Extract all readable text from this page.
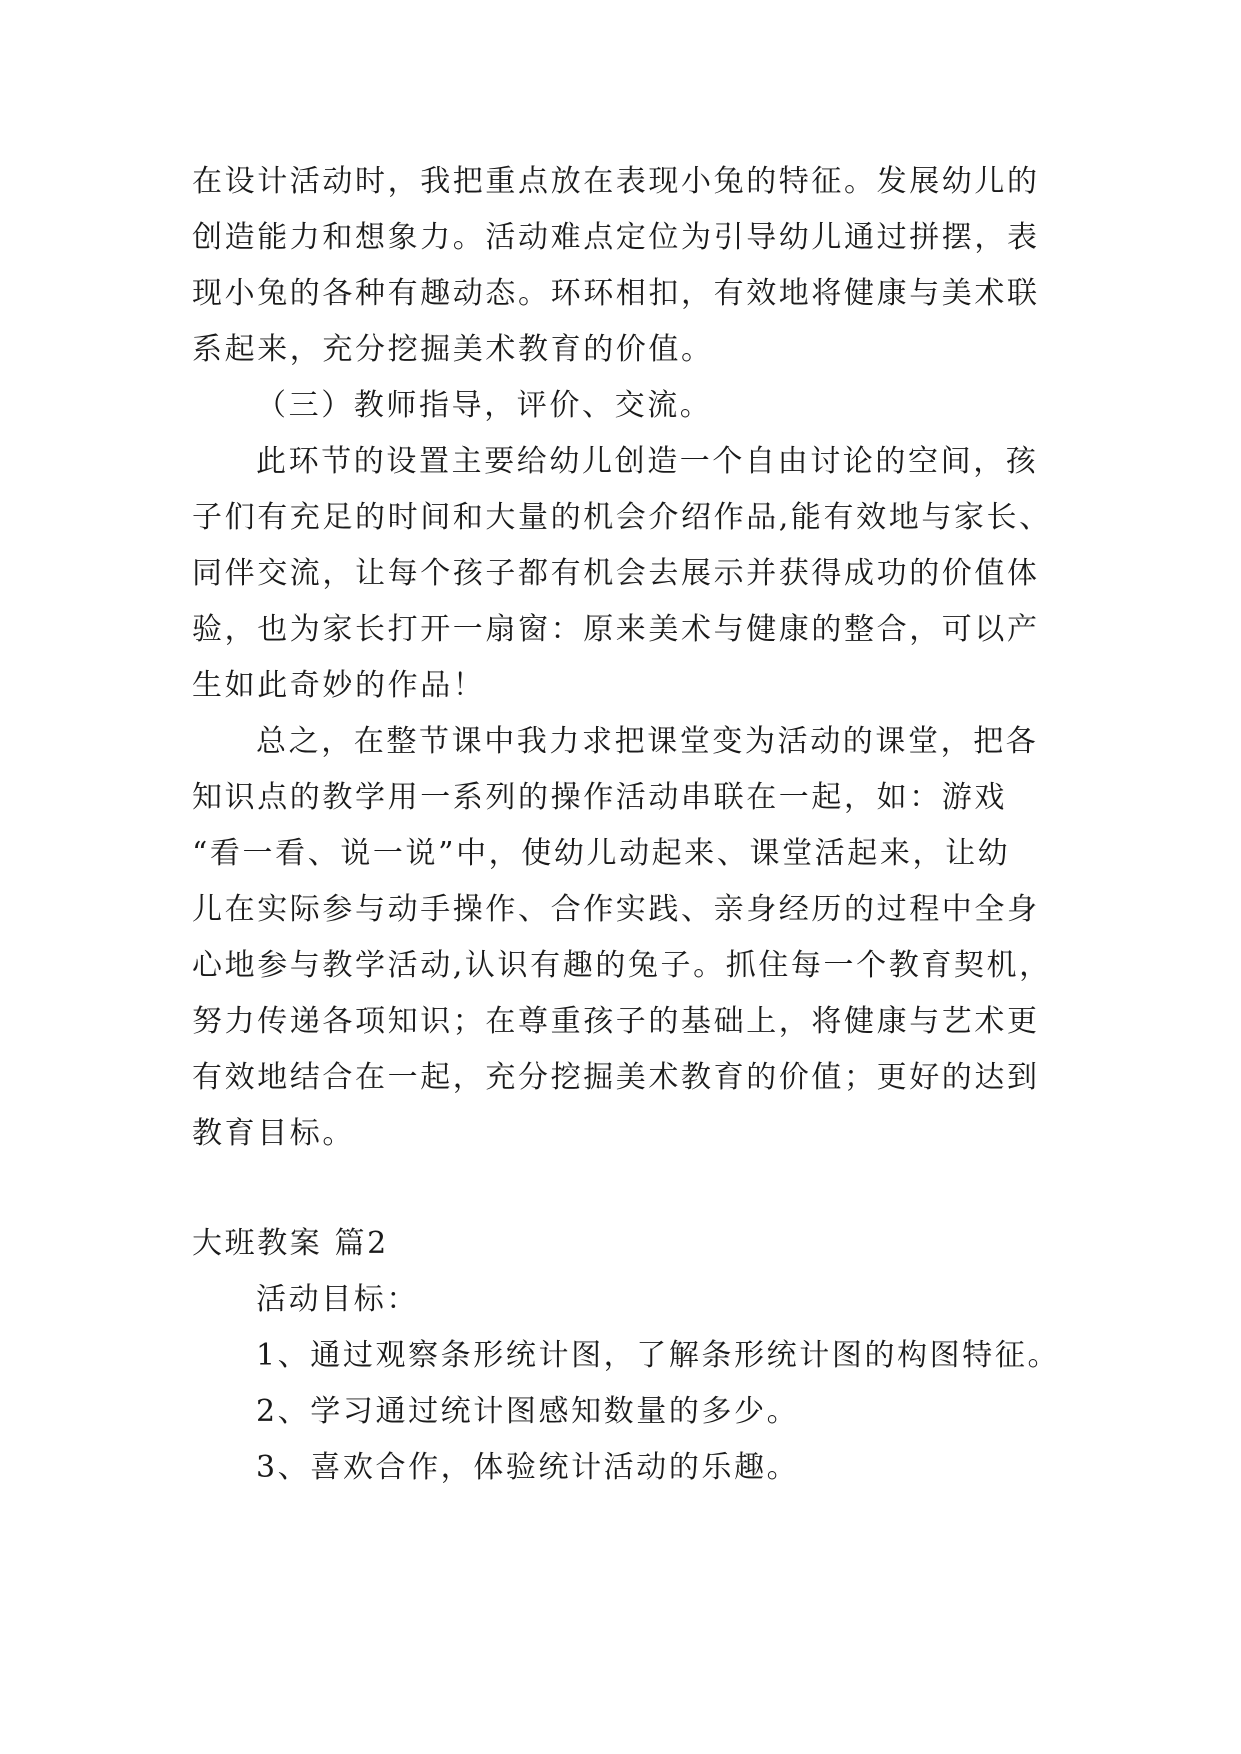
在设计活动时，我把重点放在表现小兔的特征。发展幼儿的
创造能力和想象力。活动难点定位为引导幼儿通过拼摆，表
现小兔的各种有趣动态。环环相扣，有效地将健康与美术联
系起来，充分挖掘美术教育的价值。
（三）教师指导，评价、交流。
此环节的设置主要给幼儿创造一个自由讨论的空间，孩
子们有充足的时间和大量的机会介绍作品,能有效地与家长、
同伴交流，让每个孩子都有机会去展示并获得成功的价值体
验，也为家长打开一扇窗：原来美术与健康的整合，可以产
生如此奇妙的作品！
总之，在整节课中我力求把课堂变为活动的课堂，把各
知识点的教学用一系列的操作活动串联在一起，如：游戏
“看一看、说一说”中，使幼儿动起来、课堂活起来，让幼
儿在实际参与动手操作、合作实践、亲身经历的过程中全身
心地参与教学活动,认识有趣的兔子。抓住每一个教育契机，
努力传递各项知识；在尊重孩子的基础上，将健康与艺术更
有效地结合在一起，充分挖掘美术教育的价值；更好的达到
教育目标。
大班教案 篇2
活动目标：
1、通过观察条形统计图，了解条形统计图的构图特征。
2、学习通过统计图感知数量的多少。
3、喜欢合作，体验统计活动的乐趣。
